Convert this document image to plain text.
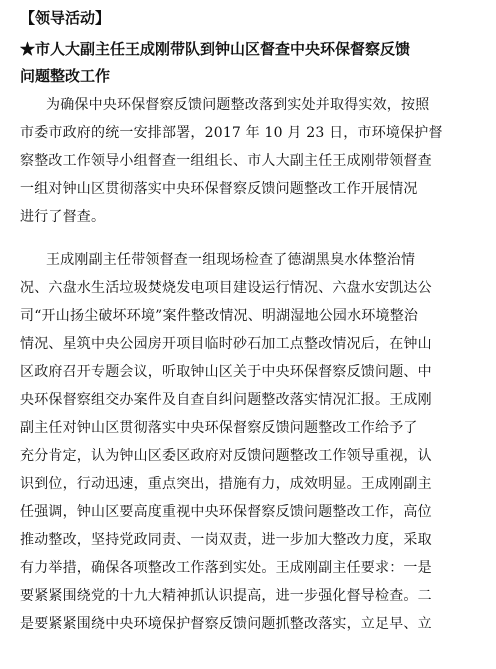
【领导活动】
★市人大副主任王成刚带队到钟山区督查中央环保督察反馈
问题整改工作
为确保中央环保督察反馈问题整改落到实处并取得实效，按照
市委市政府的统一安排部署，2017 年 10 月 23 日，市环境保护督
察整改工作领导小组督查一组组长、市人大副主任王成刚带领督查
一组对钟山区贯彻落实中央环保督察反馈问题整改工作开展情况
进行了督查。
王成刚副主任带领督查一组现场检查了德湖黑臭水体整治情
况、六盘水生活垃圾焚烧发电项目建设运行情况、六盘水安凯达公
司“开山扬尘破坏环境”案件整改情况、明湖湿地公园水环境整治
情况、星筑中央公园房开项目临时砂石加工点整改情况后，在钟山
区政府召开专题会议，听取钟山区关于中央环保督察反馈问题、中
央环保督察组交办案件及自查自纠问题整改落实情况汇报。王成刚
副主任对钟山区贯彻落实中央环保督察反馈问题整改工作给予了
充分肯定，认为钟山区委区政府对反馈问题整改工作领导重视，认
识到位，行动迅速，重点突出，措施有力，成效明显。王成刚副主
任强调，钟山区要高度重视中央环保督察反馈问题整改工作，高位
推动整改，坚持党政同责、一岗双责，进一步加大整改力度，采取
有力举措，确保各项整改工作落到实处。王成刚副主任要求：一是
要紧紧围绕党的十九大精神抓认识提高，进一步强化督导检查。二
是要紧紧围绕中央环境保护督察反馈问题抓整改落实，立足早、立
